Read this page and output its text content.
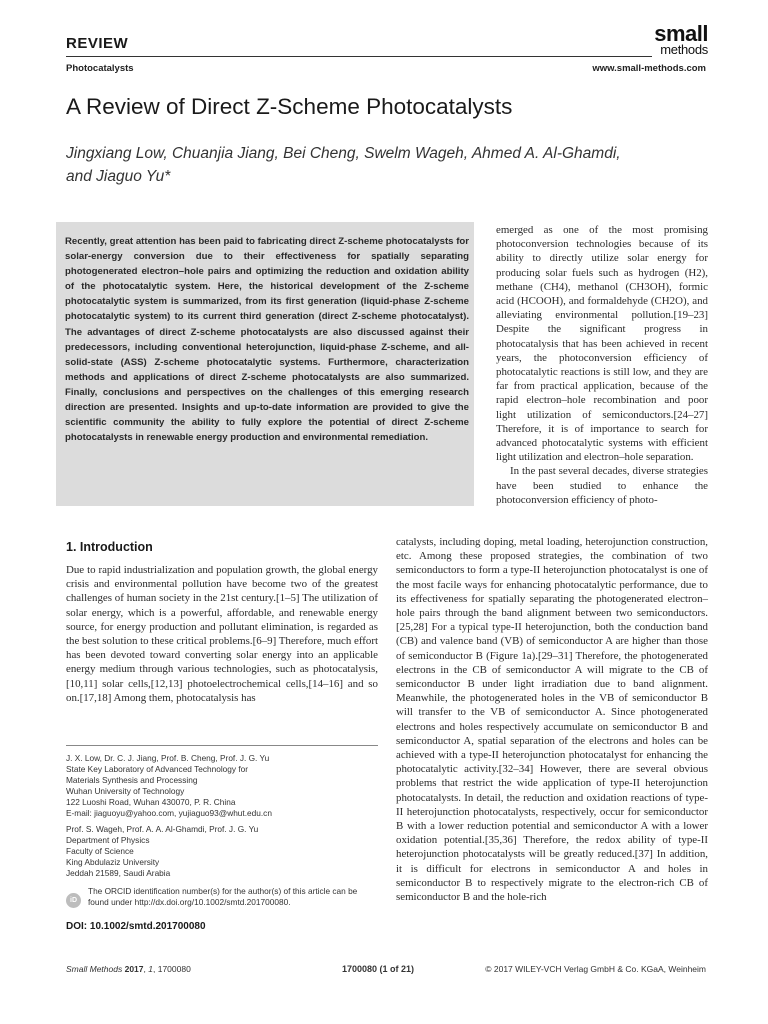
REVIEW
Photocatalysts
small
methods
www.small-methods.com
A Review of Direct Z-Scheme Photocatalysts
Jingxiang Low, Chuanjia Jiang, Bei Cheng, Swelm Wageh, Ahmed A. Al-Ghamdi,
and Jiaguo Yu*
Recently, great attention has been paid to fabricating direct Z-scheme photocatalysts for solar-energy conversion due to their effectiveness for spatially separating photogenerated electron–hole pairs and optimizing the reduction and oxidation ability of the photocatalytic system. Here, the historical development of the Z-scheme photocatalytic system is summarized, from its first generation (liquid-phase Z-scheme photocatalytic system) to its current third generation (direct Z-scheme photocatalyst). The advantages of direct Z-scheme photocatalysts are also discussed against their predecessors, including conventional heterojunction, liquid-phase Z-scheme, and all-solid-state (ASS) Z-scheme photocatalytic systems. Furthermore, characterization methods and applications of direct Z-scheme photocatalysts are also summarized. Finally, conclusions and perspectives on the challenges of this emerging research direction are presented. Insights and up-to-date information are provided to give the scientific community the ability to fully explore the potential of direct Z-scheme photocatalysts in renewable energy production and environmental remediation.

emerged as one of the most promising photoconversion technologies because of its ability to directly utilize solar energy for producing solar fuels such as hydrogen (H2), methane (CH4), methanol (CH3OH), formic acid (HCOOH), and formaldehyde (CH2O), and alleviating environmental pollution.[19–23] Despite the significant progress in photocatalysis that has been achieved in recent years, the photoconversion efficiency of photocatalytic reactions is still low, and they are far from practical application, because of the rapid electron–hole recombination and poor light utilization of semiconductors.[24–27] Therefore, it is of importance to search for advanced photocatalytic systems with efficient light utilization and electron–hole separation.

In the past several decades, diverse strategies have been studied to enhance the photoconversion efficiency of photo-

1. Introduction

Due to rapid industrialization and population growth, the global energy crisis and environmental pollution have become two of the greatest challenges of human society in the 21st century.[1–5] The utilization of solar energy, which is a powerful, affordable, and renewable energy source, for energy production and pollutant elimination, is regarded as the best solution to these critical problems.[6–9] Therefore, much effort has been devoted toward converting solar energy into an applicable energy medium through various technologies, such as photocatalysis,[10,11] solar cells,[12,13] photoelectrochemical cells,[14–16] and so on.[17,18] Among them, photocatalysis has

catalysts, including doping, metal loading, heterojunction construction, etc. Among these proposed strategies, the combination of two semiconductors to form a type-II heterojunction photocatalyst is one of the most facile ways for enhancing photocatalytic performance, due to its effectiveness for spatially separating the photogenerated electron–hole pairs through the band alignment between two semiconductors.[25,28] For a typical type-II heterojunction, both the conduction band (CB) and valence band (VB) of semiconductor A are higher than those of semiconductor B (Figure 1a).[29–31] Therefore, the photogenerated electrons in the CB of semiconductor A will migrate to the CB of semiconductor B under light irradiation due to band alignment. Meanwhile, the photogenerated holes in the VB of semiconductor B will transfer to the VB of semiconductor A. Since photogenerated electrons and holes respectively accumulate on semiconductor B and semiconductor A, spatial separation of the electrons and holes can be achieved with a type-II heterojunction photocatalyst for enhancing the photocatalytic activity.[32–34] However, there are several obvious problems that restrict the wide application of type-II heterojunction photocatalysts. In detail, the reduction and oxidation reactions of type-II heterojunction photocatalysts, respectively, occur for semiconductor B with a lower reduction potential and semiconductor A with a lower oxidation potential.[35,36] Therefore, the redox ability of type-II heterojunction photocatalysts will be greatly reduced.[37] In addition, it is difficult for electrons in semiconductor A and holes in semiconductor B to respectively migrate to the electron-rich CB of semiconductor B and the hole-rich

J. X. Low, Dr. C. J. Jiang, Prof. B. Cheng, Prof. J. G. Yu
State Key Laboratory of Advanced Technology for
Materials Synthesis and Processing
Wuhan University of Technology
122 Luoshi Road, Wuhan 430070, P. R. China
E-mail: jiaguoyu@yahoo.com, yujiaguo93@whut.edu.cn
Prof. S. Wageh, Prof. A. A. Al-Ghamdi, Prof. J. G. Yu
Department of Physics
Faculty of Science
King Abdulaziz University
Jeddah 21589, Saudi Arabia
iD
The ORCID identification number(s) for the author(s) of this article can be found under http://dx.doi.org/10.1002/smtd.201700080.
DOI: 10.1002/smtd.201700080
Small Methods 2017, 1, 1700080	1700080 (1 of 21)	© 2017 WILEY-VCH Verlag GmbH & Co. KGaA, Weinheim
